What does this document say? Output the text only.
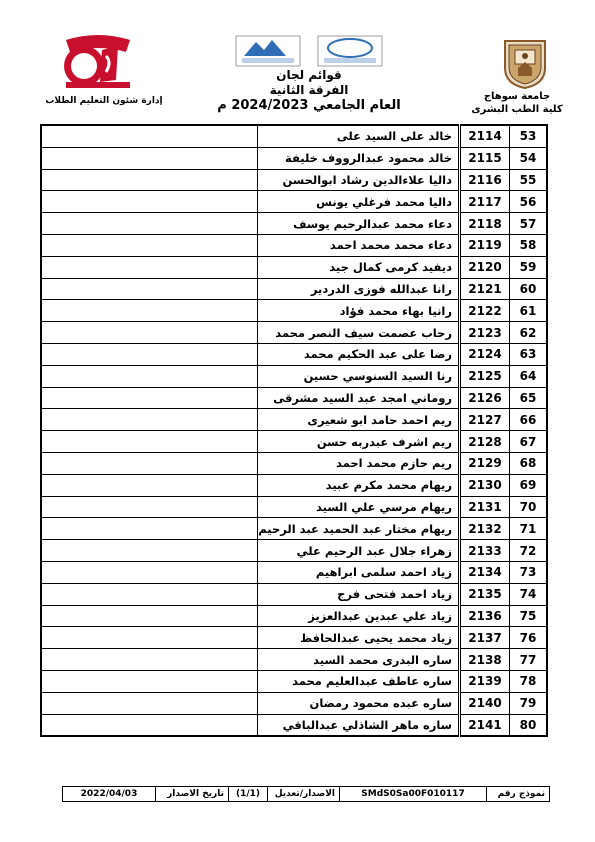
جامعة سوهاج
كلية الطب البشرى
إدارة شئون التعليم الطلاب
قوائم لجان
الفرقة الثانية
العام الجامعي 2024/2023 م
53	2114	خالد على السيد على	
54	2115	خالد محمود عبدالرووف خليفة	
55	2116	داليا علاءالدين رشاد ابوالحسن	
56	2117	داليا محمد فرغلي يونس	
57	2118	دعاء محمد عبدالرحيم يوسف	
58	2119	دعاء محمد محمد احمد	
59	2120	ديفيد كرمى كمال جيد	
60	2121	رانا عبدالله فوزى الدردير	
61	2122	رانيا بهاء محمد فؤاد	
62	2123	رحاب عصمت سيف النصر محمد	
63	2124	رضا على عبد الحكيم محمد	
64	2125	رنا السيد السنوسي حسين	
65	2126	روماني امجد عبد السيد مشرقى	
66	2127	ريم احمد حامد ابو شعيرى	
67	2128	ريم اشرف عبدربه حسن	
68	2129	ريم حازم محمد احمد	
69	2130	ريهام محمد مكرم عبيد	
70	2131	ريهام مرسي علي السيد	
71	2132	ريهام مختار عبد الحميد عبد الرحيم	
72	2133	زهراء جلال عبد الرحيم علي	
73	2134	زياد احمد سلمى ابراهيم	
74	2135	زياد احمد فتحى فرج	
75	2136	زياد علي عبدين عبدالعزيز	
76	2137	زياد محمد يحيى عبدالحافظ	
77	2138	ساره البدرى محمد السيد	
78	2139	ساره عاطف عبدالعليم محمد	
79	2140	ساره عبده محمود رمضان	
80	2141	ساره ماهر الشاذلي عبدالباقي	
نموذج رقم
SMdS0Sa00F010117
الاصدار/تعديل
(1/1)
تاريخ الاصدار
2022/04/03
